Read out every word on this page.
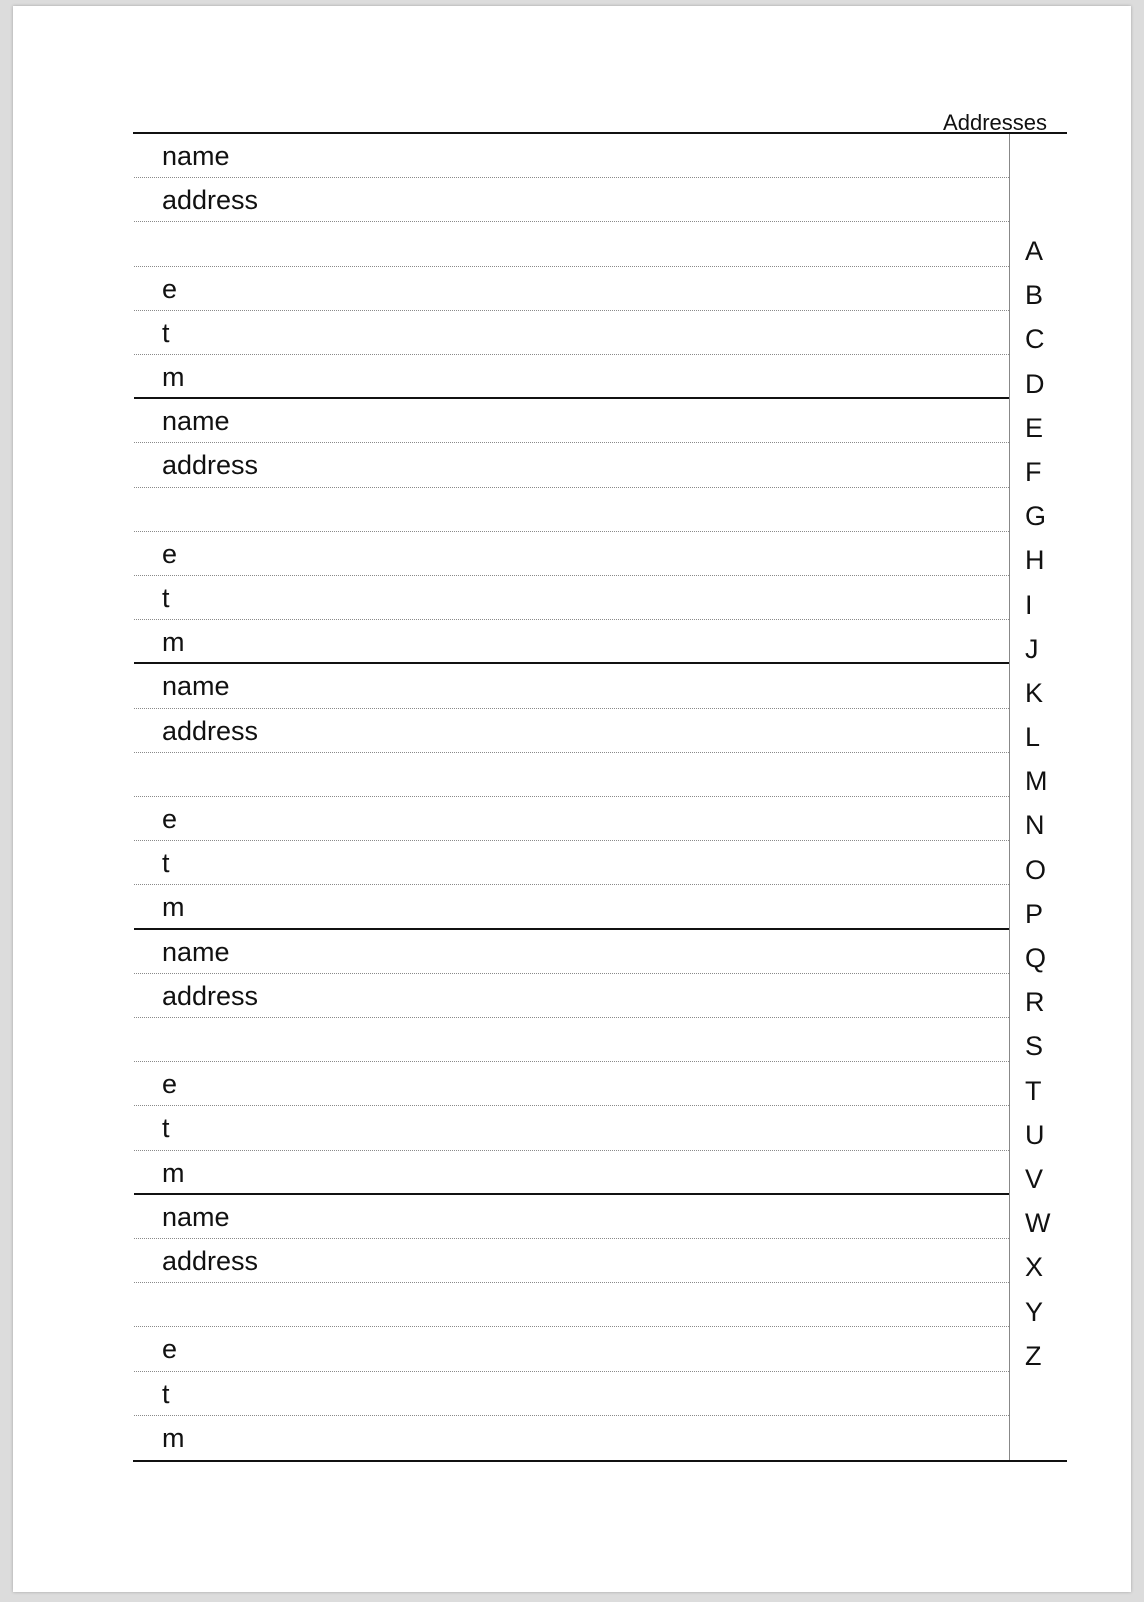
Addresses
name
address
e
t
m
name
address
e
t
m
name
address
e
t
m
name
address
e
t
m
name
address
e
t
m
A
B
C
D
E
F
G
H
I
J
K
L
M
N
O
P
Q
R
S
T
U
V
W
X
Y
Z
